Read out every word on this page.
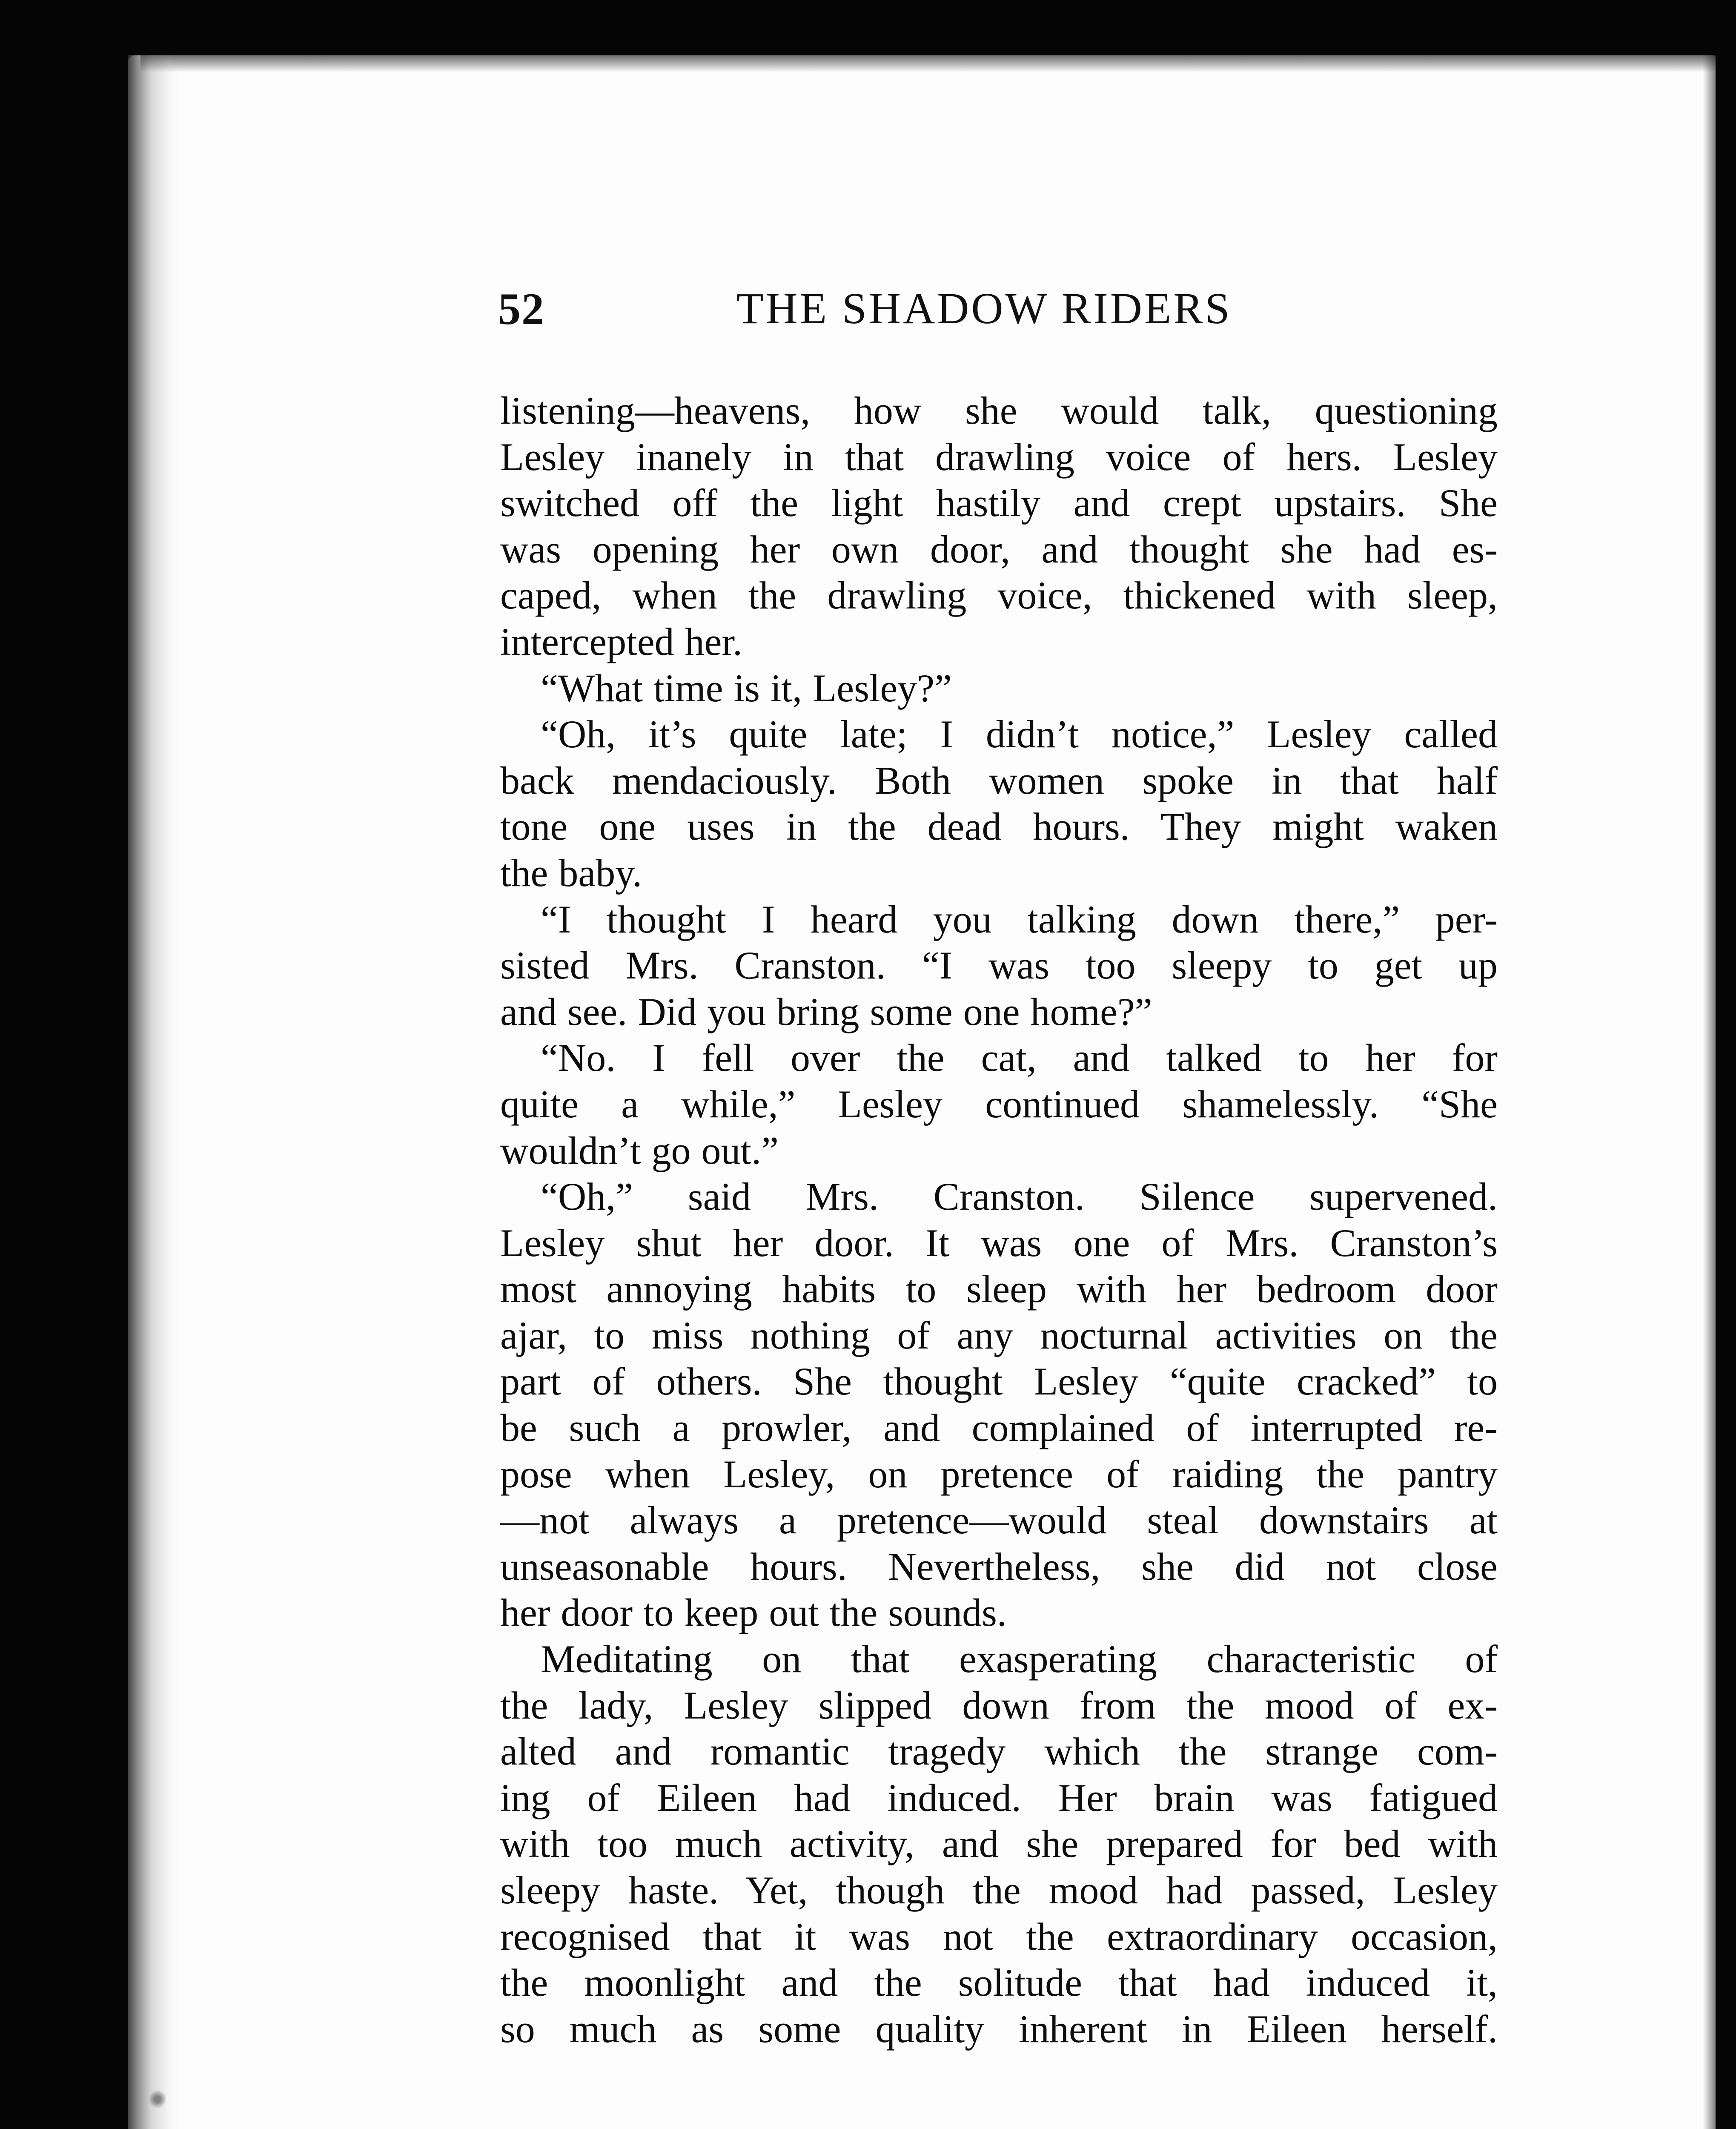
52	THE SHADOW RIDERS
listening—heavens, how she would talk, questioning
Lesley inanely in that drawling voice of hers. Lesley
switched off the light hastily and crept upstairs. She
was opening her own door, and thought she had es-
caped, when the drawling voice, thickened with sleep,
intercepted her.
“What time is it, Lesley?”
“Oh, it’s quite late; I didn’t notice,” Lesley called
back mendaciously. Both women spoke in that half
tone one uses in the dead hours. They might waken
the baby.
“I thought I heard you talking down there,” per-
sisted Mrs. Cranston. “I was too sleepy to get up
and see. Did you bring some one home?”
“No. I fell over the cat, and talked to her for
quite a while,” Lesley continued shamelessly. “She
wouldn’t go out.”
“Oh,” said Mrs. Cranston. Silence supervened.
Lesley shut her door. It was one of Mrs. Cranston’s
most annoying habits to sleep with her bedroom door
ajar, to miss nothing of any nocturnal activities on the
part of others. She thought Lesley “quite cracked” to
be such a prowler, and complained of interrupted re-
pose when Lesley, on pretence of raiding the pantry
—not always a pretence—would steal downstairs at
unseasonable hours. Nevertheless, she did not close
her door to keep out the sounds.
Meditating on that exasperating characteristic of
the lady, Lesley slipped down from the mood of ex-
alted and romantic tragedy which the strange com-
ing of Eileen had induced. Her brain was fatigued
with too much activity, and she prepared for bed with
sleepy haste. Yet, though the mood had passed, Lesley
recognised that it was not the extraordinary occasion,
the moonlight and the solitude that had induced it,
so much as some quality inherent in Eileen herself.
